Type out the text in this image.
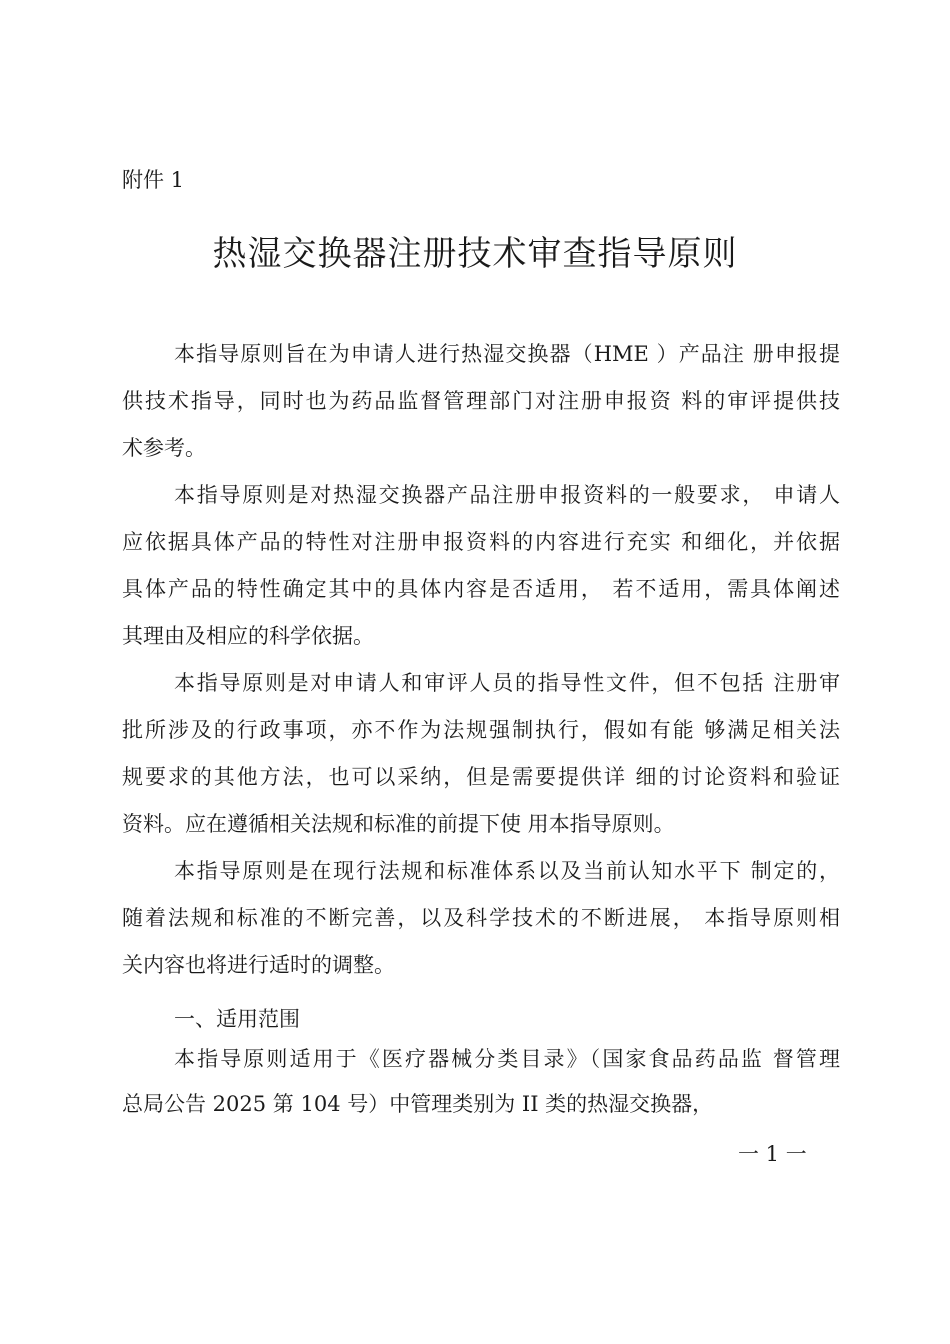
附件 1
热湿交换器注册技术审查指导原则
本指导原则旨在为申请人进行热湿交换器（HME ）产品注 册申报提
供技术指导，同时也为药品监督管理部门对注册申报资 料的审评提供技
术参考。
本指导原则是对热湿交换器产品注册申报资料的一般要求， 申请人
应依据具体产品的特性对注册申报资料的内容进行充实 和细化，并依据
具体产品的特性确定其中的具体内容是否适用， 若不适用，需具体阐述
其理由及相应的科学依据。
本指导原则是对申请人和审评人员的指导性文件，但不包括 注册审
批所涉及的行政事项，亦不作为法规强制执行，假如有能 够满足相关法
规要求的其他方法，也可以采纳，但是需要提供详 细的讨论资料和验证
资料。应在遵循相关法规和标准的前提下使 用本指导原则。
本指导原则是在现行法规和标准体系以及当前认知水平下 制定的，
随着法规和标准的不断完善，以及科学技术的不断进展， 本指导原则相
关内容也将进行适时的调整。
一、适用范围
本指导原则适用于《医疗器械分类目录》（国家食品药品监 督管理
总局公告 2025 第 104 号）中管理类别为 II 类的热湿交换器，
一 1 一
